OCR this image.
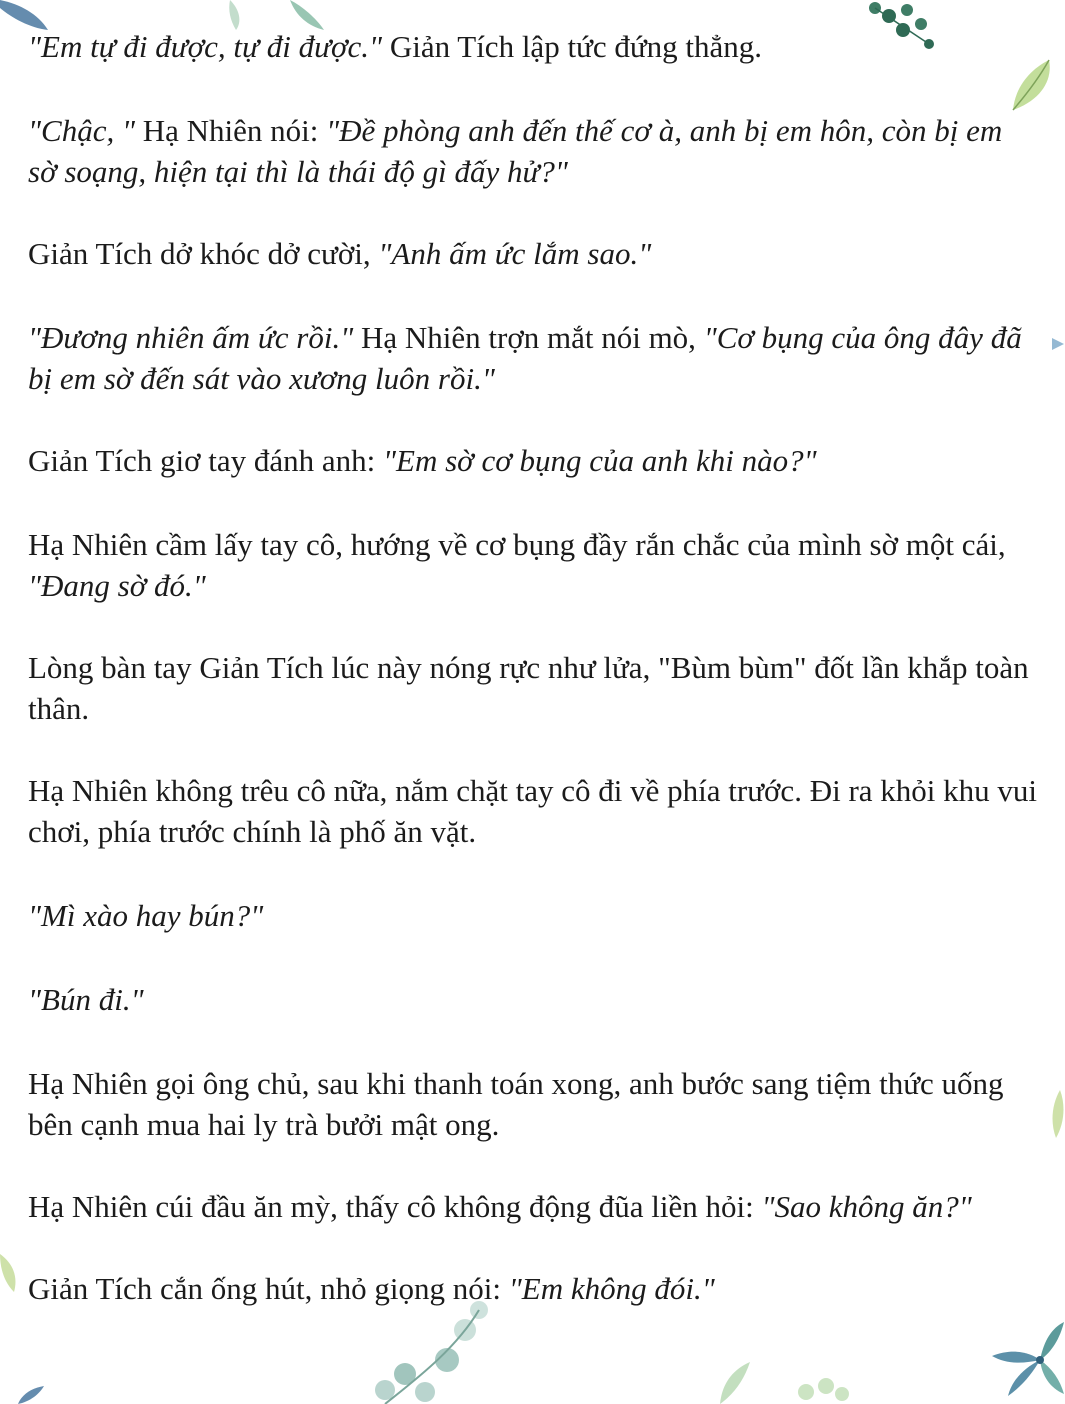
"Em tự đi được, tự đi được." Giản Tích lập tức đứng thẳng.

"Chậc, " Hạ Nhiên nói: "Đề phòng anh đến thế cơ à, anh bị em hôn, còn bị em sờ soạng, hiện tại thì là thái độ gì đấy hử?"

Giản Tích dở khóc dở cười, "Anh ấm ức lắm sao."

"Đương nhiên ấm ức rồi." Hạ Nhiên trợn mắt nói mò, "Cơ bụng của ông đây đã bị em sờ đến sát vào xương luôn rồi."

Giản Tích giơ tay đánh anh: "Em sờ cơ bụng của anh khi nào?"

Hạ Nhiên cầm lấy tay cô, hướng về cơ bụng đầy rắn chắc của mình sờ một cái, "Đang sờ đó."

Lòng bàn tay Giản Tích lúc này nóng rực như lửa, "Bùm bùm" đốt lần khắp toàn thân.

Hạ Nhiên không trêu cô nữa, nắm chặt tay cô đi về phía trước. Đi ra khỏi khu vui chơi, phía trước chính là phố ăn vặt.

"Mì xào hay bún?"

"Bún đi."

Hạ Nhiên gọi ông chủ, sau khi thanh toán xong, anh bước sang tiệm thức uống bên cạnh mua hai ly trà bưởi mật ong.

Hạ Nhiên cúi đầu ăn mỳ, thấy cô không động đũa liền hỏi: "Sao không ăn?"

Giản Tích cắn ống hút, nhỏ giọng nói: "Em không đói."
